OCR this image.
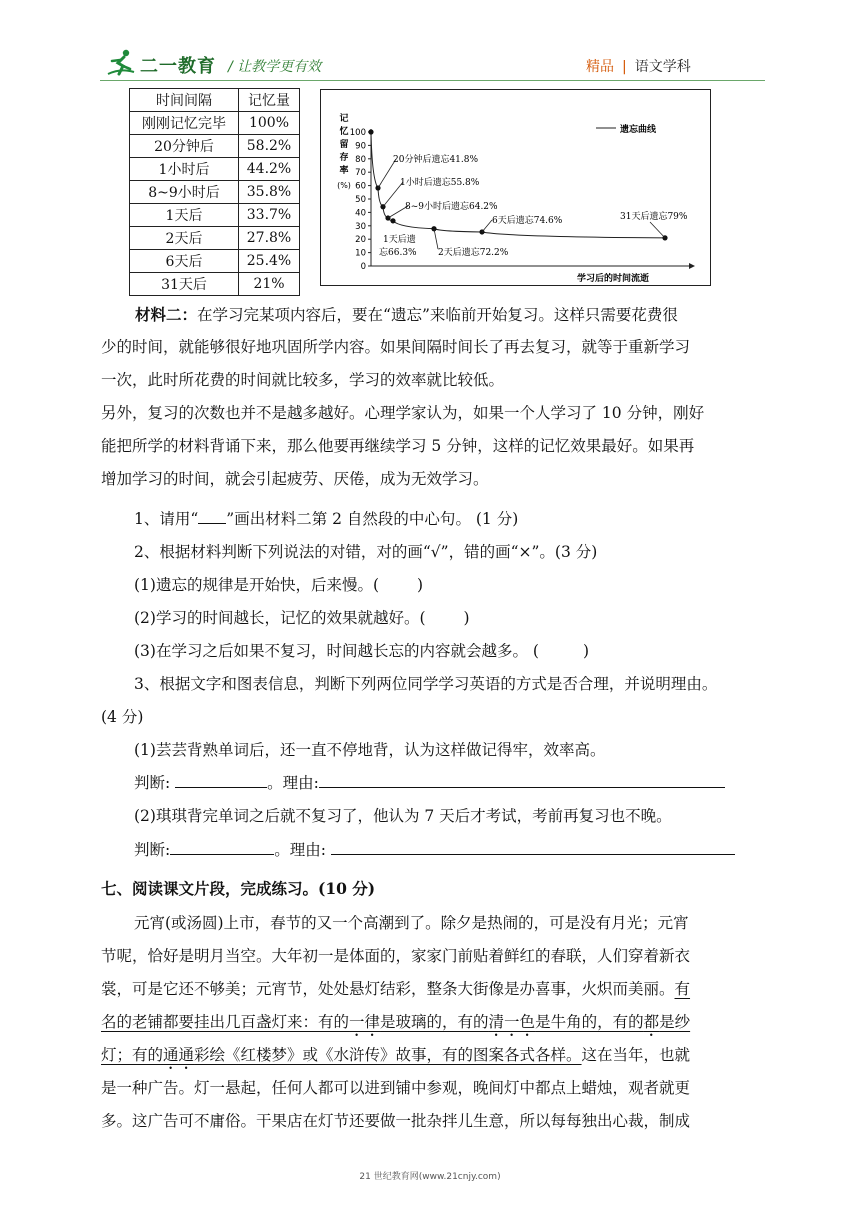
二一教育 / 让教学更有效	精品 | 语文学科
时间间隔	记忆量
刚刚记忆完毕	100%
20分钟后	58.2%
1小时后	44.2%
8~9小时后	35.8%
1天后	33.7%
2天后	27.8%
6天后	25.4%
31天后	21%
记
忆
留
存
率
(%)
0
10
20
30
40
50
60
70
80
90
100
学习后的时间流逝
遗忘曲线
20分钟后遗忘41.8%
1小时后遗忘55.8%
8~9小时后遗忘64.2%
6天后遗忘74.6%	31天后遗忘79%
1天后遗
忘66.3% 2天后遗忘72.2%
材料二：在学习完某项内容后，要在“遗忘”来临前开始复习。这样只需要花费很
少的时间，就能够很好地巩固所学内容。如果间隔时间长了再去复习，就等于重新学习
一次，此时所花费的时间就比较多，学习的效率就比较低。
另外，复习的次数也并不是越多越好。心理学家认为，如果一个人学习了 10 分钟，刚好
能把所学的材料背诵下来，那么他要再继续学习 5 分钟，这样的记忆效果最好。如果再
增加学习的时间，就会引起疲劳、厌倦，成为无效学习。
1、请用“ ”画出材料二第 2 自然段的中心句。 (1 分)
2、根据材料判断下列说法的对错，对的画“√”，错的画“×”。(3 分)
(1)遗忘的规律是开始快，后来慢。( )
(2)学习的时间越长，记忆的效果就越好。( )
(3)在学习之后如果不复习，时间越长忘的内容就会越多。 (	)
3、根据文字和图表信息，判断下列两位同学学习英语的方式是否合理，并说明理由。
(4 分)
(1)芸芸背熟单词后，还一直不停地背，认为这样做记得牢，效率高。
判断:	。理由:
(2)琪琪背完单词之后就不复习了，他认为 7 天后才考试，考前再复习也不晚。
判断:	。理由:
七、阅读课文片段，完成练习。(10 分)
元宵(或汤圆)上市，春节的又一个高潮到了。除夕是热闹的，可是没有月光；元宵
节呢，恰好是明月当空。大年初一是体面的，家家门前贴着鲜红的春联，人们穿着新衣
裳，可是它还不够美；元宵节，处处悬灯结彩，整条大街像是办喜事，火炽而美丽。有
名的老铺都要挂出几百盏灯来：有的一律是玻璃的，有的清一色是牛角的，有的都是纱
灯；有的通通彩绘《红楼梦》或《水浒传》故事，有的图案各式各样。这在当年，也就
是一种广告。灯一悬起，任何人都可以进到铺中参观，晚间灯中都点上蜡烛，观者就更
多。这广告可不庸俗。干果店在灯节还要做一批杂拌儿生意，所以每每独出心裁，制成
21 世纪教育网(www.21cnjy.com)
